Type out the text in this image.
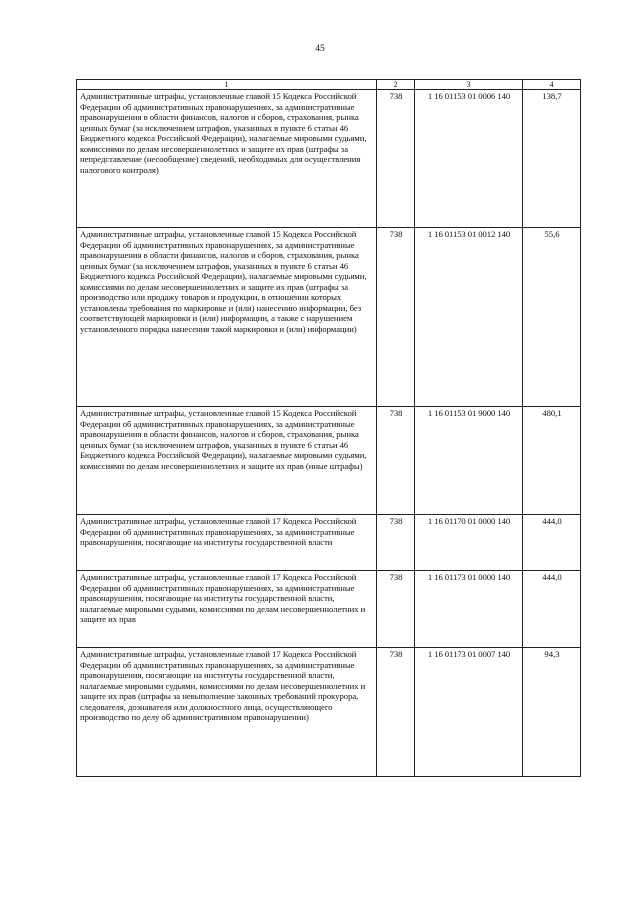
45
1	2	3	4
Административные штрафы, установленные главой 15 Кодекса Российской Федерации об административных правонарушениях, за административные правонарушения в области финансов, налогов и сборов, страхования, рынка ценных бумаг (за исключением штрафов, указанных в пункте 6 статьи 46 Бюджетного кодекса Российской Федерации), налагаемые мировыми судьями, комиссиями по делам несовершеннолетних и защите их прав (штрафы за непредставление (несообщение) сведений, необходимых для осуществления налогового контроля)	738	1 16 01153 01 0006 140	138,7
Административные штрафы, установленные главой 15 Кодекса Российской Федерации об административных правонарушениях, за административные правонарушения в области финансов, налогов и сборов, страхования, рынка ценных бумаг (за исключением штрафов, указанных в пункте 6 статьи 46 Бюджетного кодекса Российской Федерации), налагаемые мировыми судьями, комиссиями по делам несовершеннолетних и защите их прав (штрафы за производство или продажу товаров и продукции, в отношении которых установлены требования по маркировке и (или) нанесению информации, без соответствующей маркировки и (или) информации, а также с нарушением установленного порядка нанесения такой маркировки и (или) информации)	738	1 16 01153 01 0012 140	55,6
Административные штрафы, установленные главой 15 Кодекса Российской Федерации об административных правонарушениях, за административные правонарушения в области финансов, налогов и сборов, страхования, рынка ценных бумаг (за исключением штрафов, указанных в пункте 6 статьи 46 Бюджетного кодекса Российской Федерации), налагаемые мировыми судьями, комиссиями по делам несовершеннолетних и защите их прав (иные штрафы)	738	1 16 01153 01 9000 140	480,1
Административные штрафы, установленные главой 17 Кодекса Российской Федерации об административных правонарушениях, за административные правонарушения, посягающие на институты государственной власти	738	1 16 01170 01 0000 140	444,0
Административные штрафы, установленные главой 17 Кодекса Российской Федерации об административных правонарушениях, за административные правонарушения, посягающие на институты государственной власти, налагаемые мировыми судьями, комиссиями по делам несовершеннолетних и защите их прав	738	1 16 01173 01 0000 140	444,0
Административные штрафы, установленные главой 17 Кодекса Российской Федерации об административных правонарушениях, за административные правонарушения, посягающие на институты государственной власти, налагаемые мировыми судьями, комиссиями по делам несовершеннолетних и защите их прав (штрафы за невыполнение законных требований прокурора, следователя, дознавателя или должностного лица, осуществляющего производство по делу об административном правонарушении)	738	1 16 01173 01 0007 140	94,3
